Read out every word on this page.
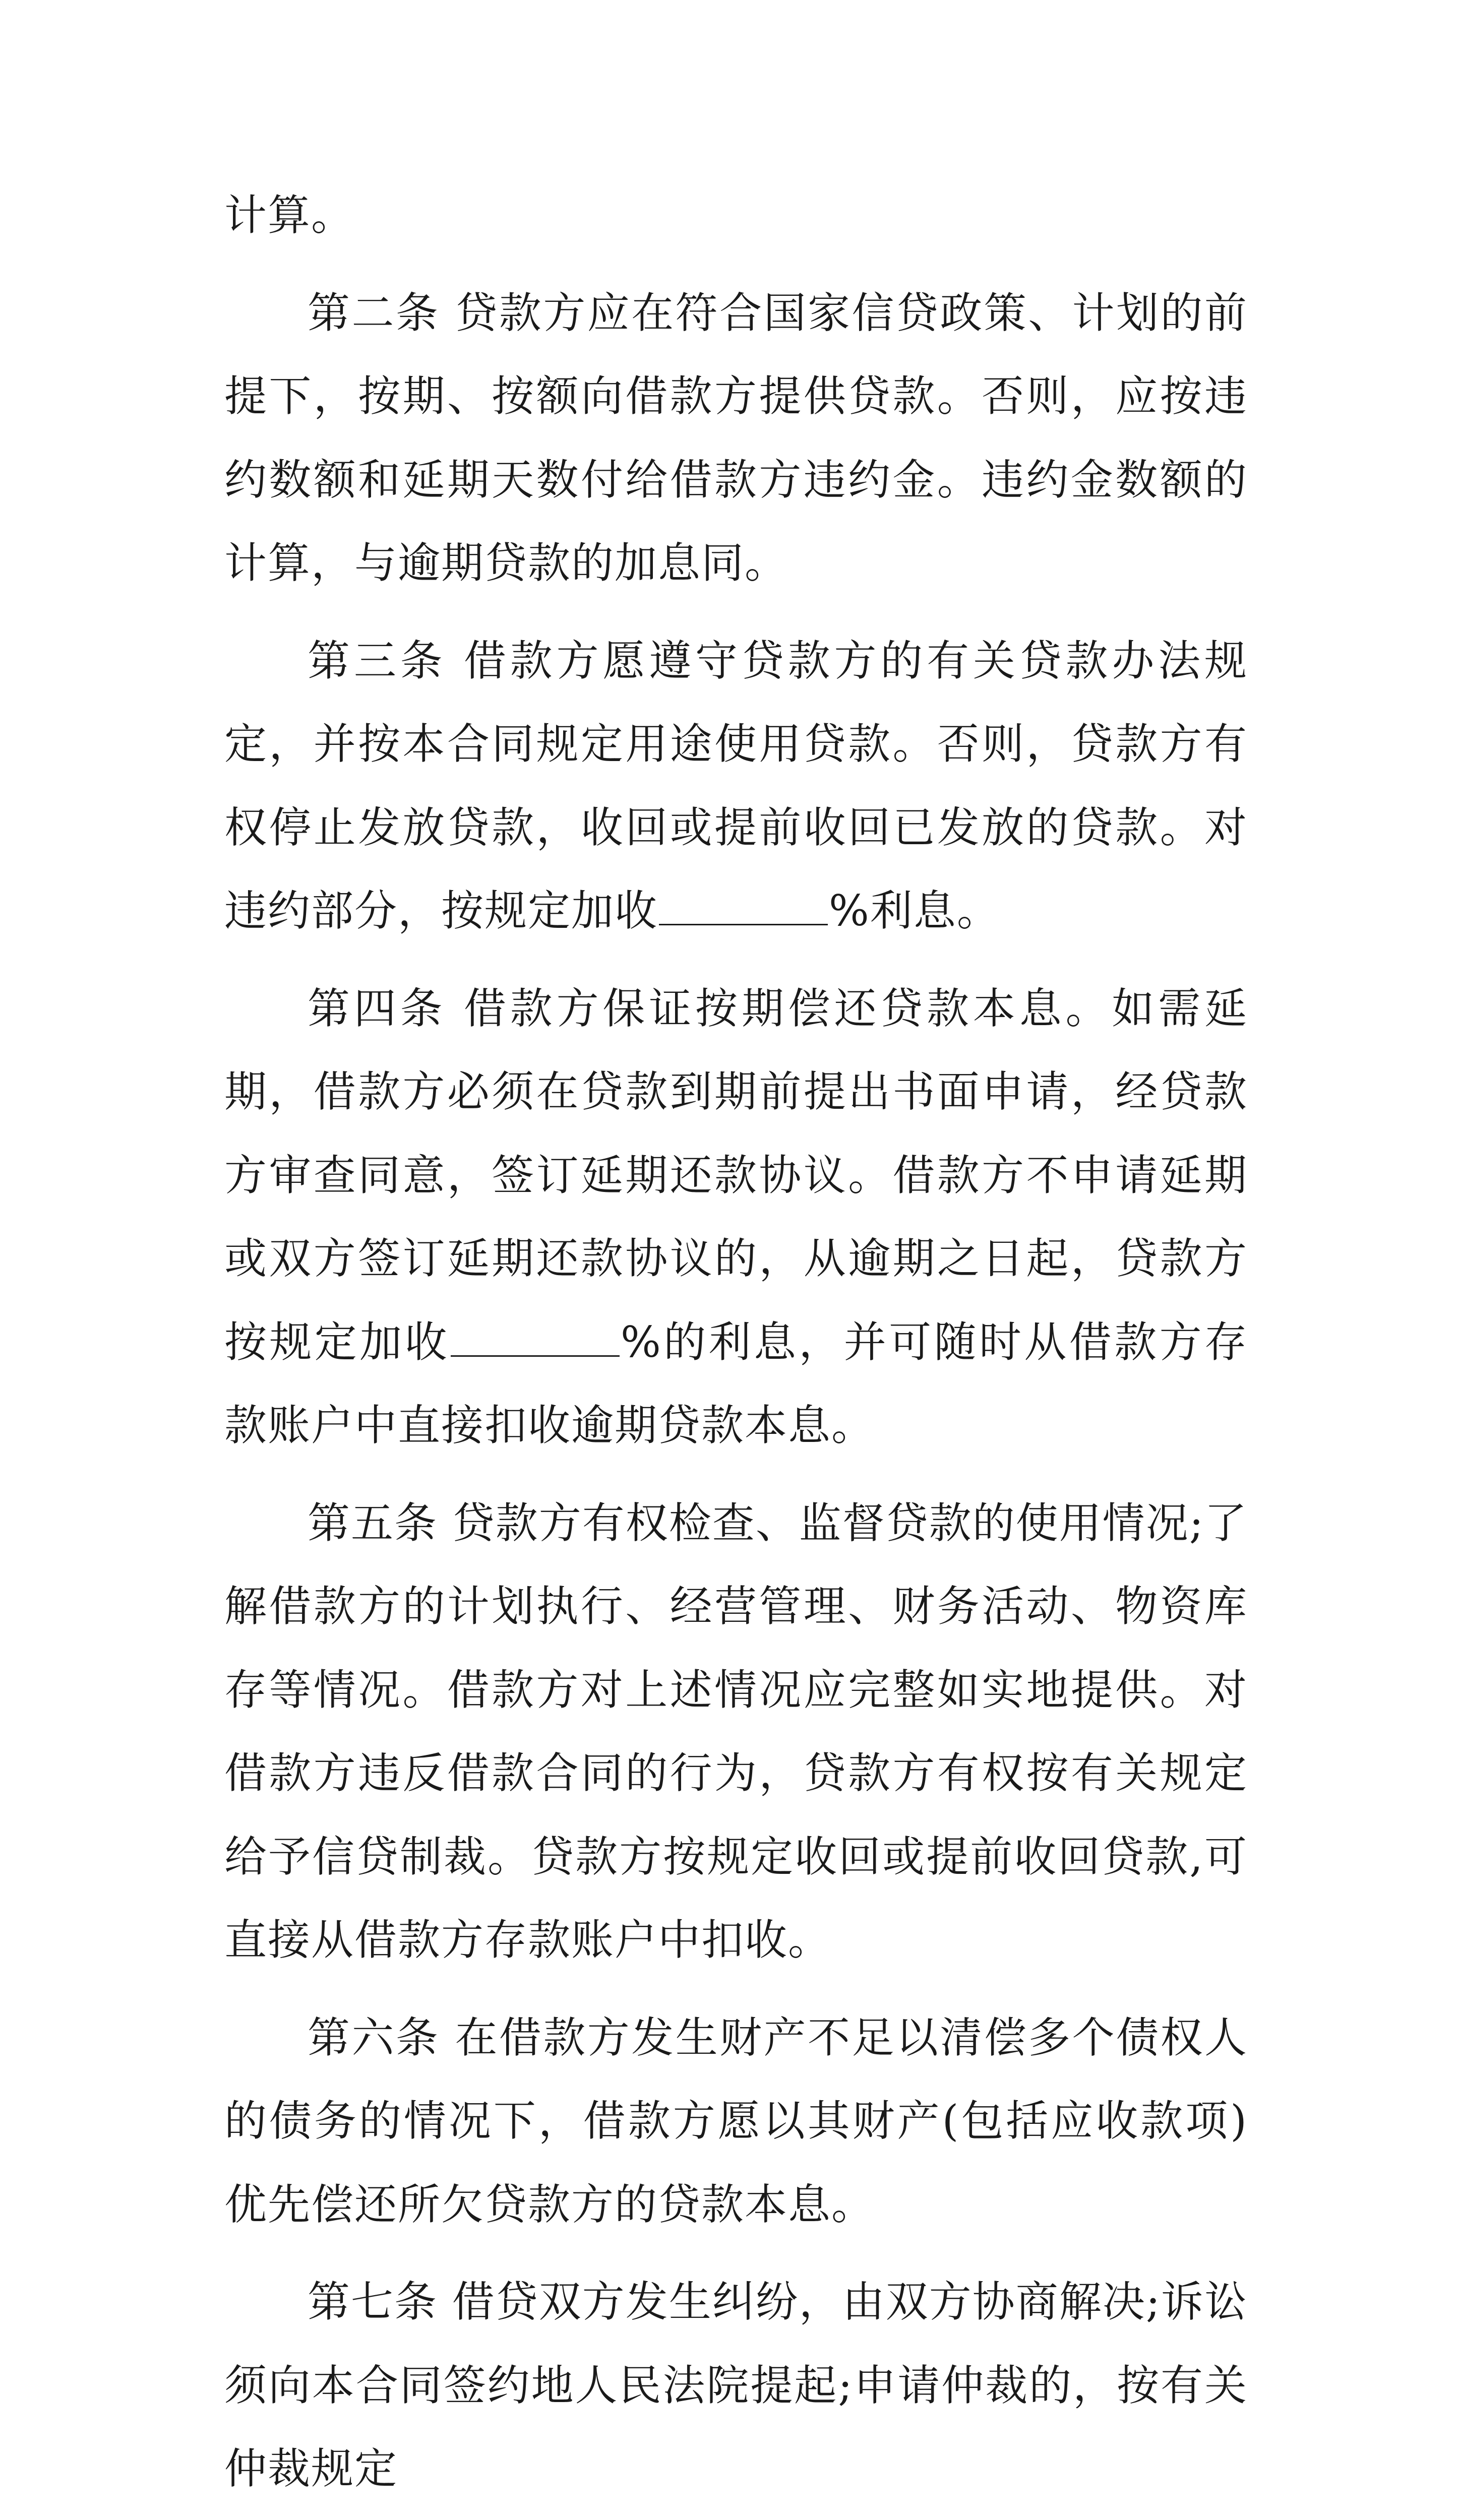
计算。

第二条 贷款方应在符合国家信贷政策、计划的前提下，按期、按额向借款方提供贷款。否则，应按违约数额和延期天数付给借款方违约金。违约金数额的计算，与逾期贷款的加息同。

第三条 借款方愿遵守贷款方的有关贷款办法规定，并按本合同规定用途使用贷款。否则，贷款方有权停止发放贷款，收回或提前收回已发放的贷款。对违约部分，按规定加收	%利息。

第四条 借款方保证按期偿还贷款本息。如需延期，借款方必须在贷款到期前提出书面申请，经贷款方审查同意，签订延期还款协议。借款方不申请延期或双方签订延期还款协议的，从逾期之日起，贷款方按规定加收	%的利息，并可随时从借款方存款账户中直接扣收逾期贷款本息。

第五条 贷款方有权检查、监督贷款的使用情况;了解借款方的计划执行、经营管理、财务活动、物资库存等情况。借款方对上述情况应完整如实地提供。对借款方违反借款合同的行为，贷款方有权按有关规定给予信贷制裁。贷款方按规定收回或提前收回贷款,可直接从借款方存款账户中扣收。

第六条 在借款方发生财产不足以清偿多个债权人的债务的情况下，借款方愿以其财产(包括应收款项)优先偿还所欠贷款方的贷款本息。

第七条 借贷双方发生纠纷，由双方协商解决;诉讼须向本合同签约地人民法院提起;申请仲裁的，按有关仲裁规定
